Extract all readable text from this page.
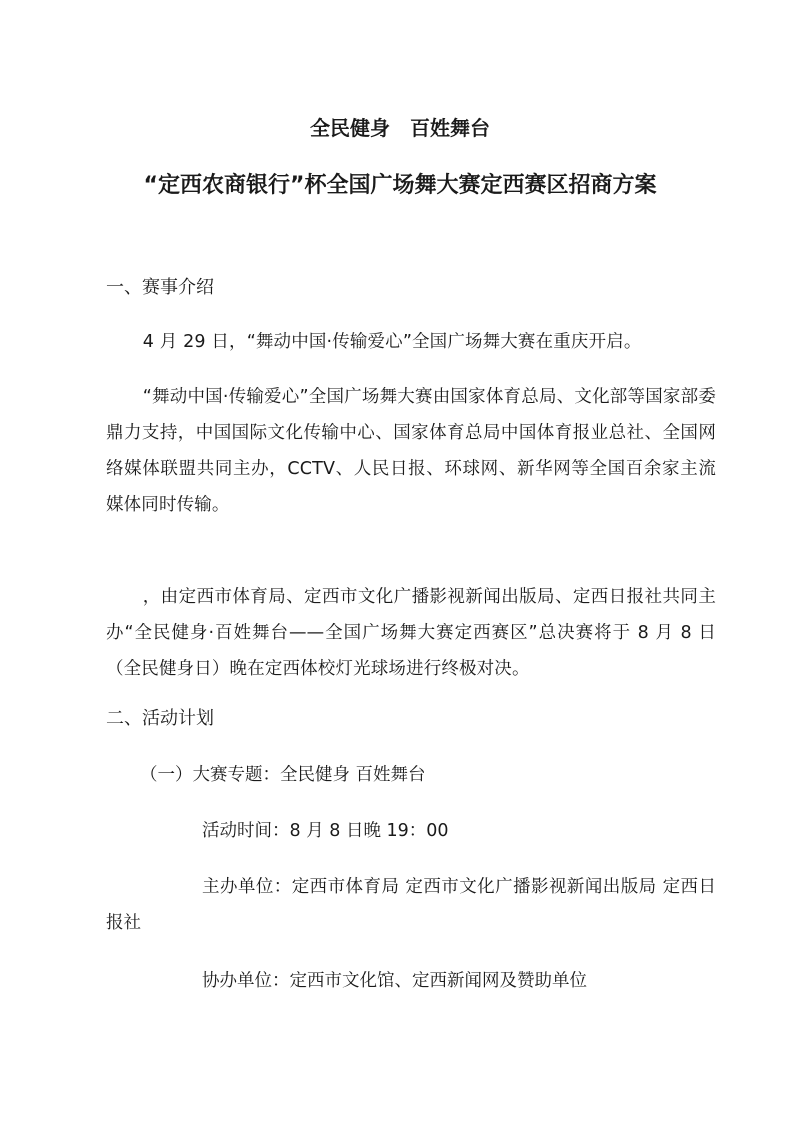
全民健身　百姓舞台
“定西农商银行”杯全国广场舞大赛定西赛区招商方案
一、赛事介绍
4 月 29 日，“舞动中国·传输爱心”全国广场舞大赛在重庆开启。
“舞动中国·传输爱心”全国广场舞大赛由国家体育总局、文化部等国家部委鼎力支持，中国国际文化传输中心、国家体育总局中国体育报业总社、全国网络媒体联盟共同主办，CCTV、人民日报、环球网、新华网等全国百余家主流媒体同时传输。
，由定西市体育局、定西市文化广播影视新闻出版局、定西日报社共同主办“全民健身·百姓舞台——全国广场舞大赛定西赛区”总决赛将于 8 月 8 日（全民健身日）晚在定西体校灯光球场进行终极对决。
二、活动计划
（一）大赛专题：全民健身 百姓舞台
活动时间：8 月 8 日晚 19：00
主办单位：定西市体育局 定西市文化广播影视新闻出版局 定西日报社
协办单位：定西市文化馆、定西新闻网及赞助单位
